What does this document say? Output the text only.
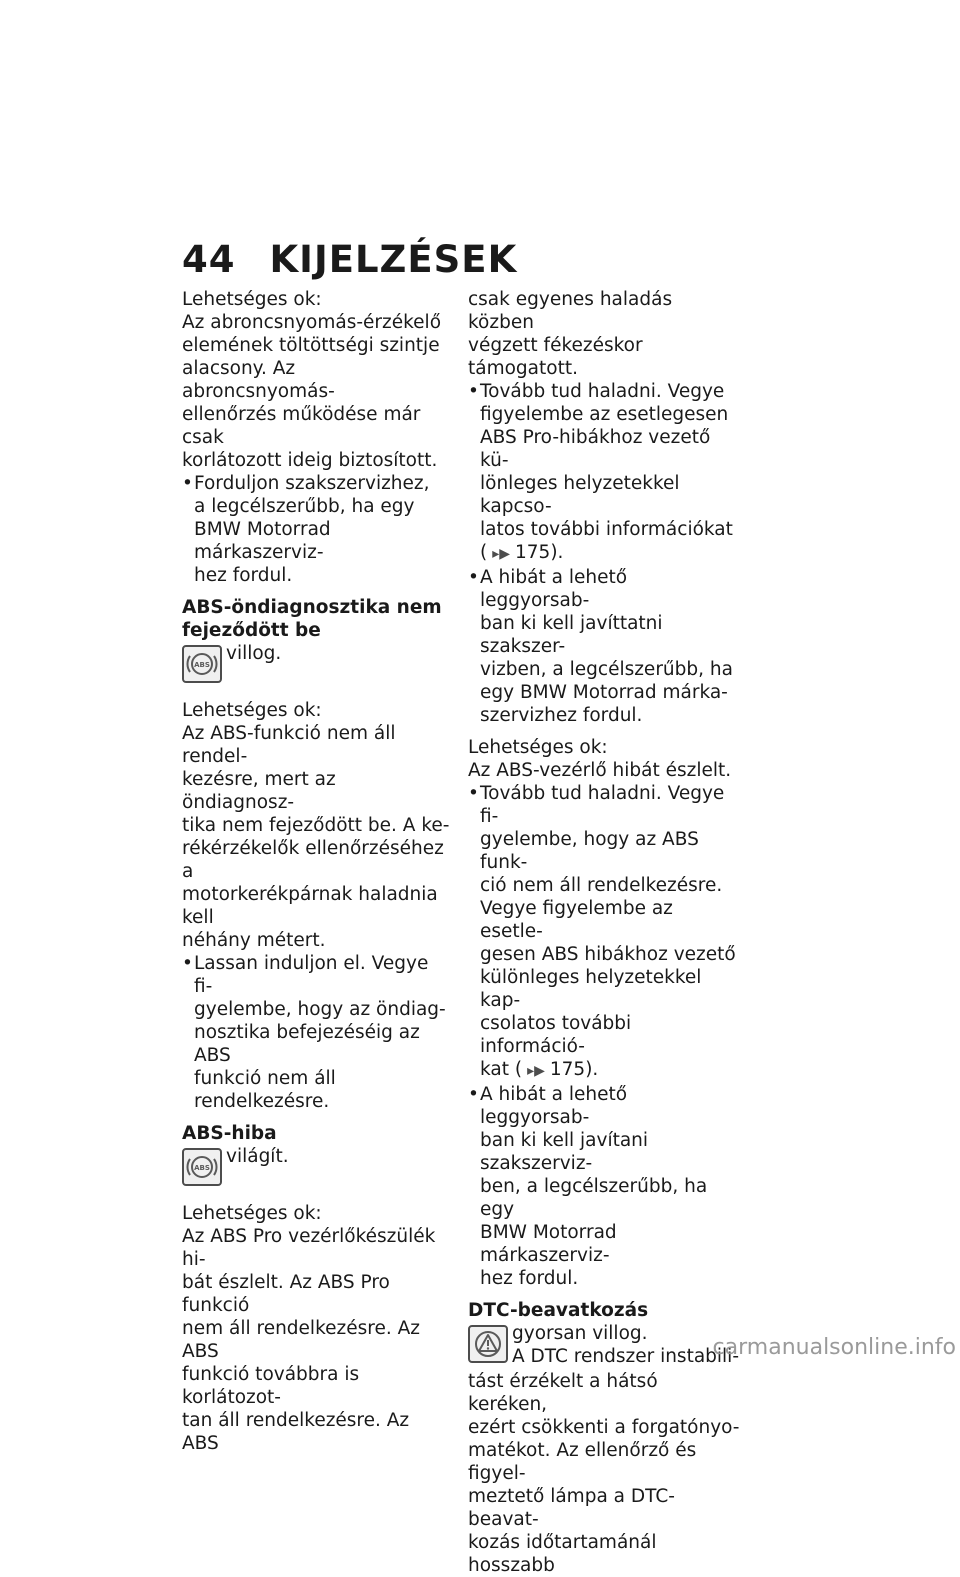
44 KIJELZÉSEK

Lehetséges ok:

Az abroncsnyomás-érzékelő

elemének töltöttségi szintje

alacsony. Az abroncsnyomás-

ellenőrzés működése már csak

korlátozott ideig biztosított.

• Forduljon szakszervizhez,
a legcélszerűbb, ha egy
BMW Motorrad márkaszerviz-
hez fordul.

ABS-öndiagnosztika nem

fejeződött be

ABS

villog.

Lehetséges ok:

Az ABS-funkció nem áll rendel-

kezésre, mert az öndiagnosz-

tika nem fejeződött be. A ke-

rékérzékelők ellenőrzéséhez a

motorkerékpárnak haladnia kell

néhány métert.

• Lassan induljon el. Vegye fi-
gyelembe, hogy az öndiag-
nosztika befejezéséig az ABS
funkció nem áll rendelkezésre.

ABS-hiba

ABS

világít.

Lehetséges ok:

Az ABS Pro vezérlőkészülék hi-

bát észlelt. Az ABS Pro funkció

nem áll rendelkezésre. Az ABS

funkció továbbra is korlátozot-

tan áll rendelkezésre. Az ABS

csak egyenes haladás közben

végzett fékezéskor támogatott.

• Tovább tud haladni. Vegye
figyelembe az esetlegesen
ABS Pro-hibákhoz vezető kü-
lönleges helyzetekkel kapcso-
latos további információkat
( ▸▶ 175).
• A hibát a lehető leggyorsab-
ban ki kell javíttatni szakszer-
vizben, a legcélszerűbb, ha
egy BMW Motorrad márka-
szervizhez fordul.

Lehetséges ok:

Az ABS-vezérlő hibát észlelt.

• Tovább tud haladni. Vegye fi-
gyelembe, hogy az ABS funk-
ció nem áll rendelkezésre.
Vegye figyelembe az esetle-
gesen ABS hibákhoz vezető
különleges helyzetekkel kap-
csolatos további információ-
kat ( ▸▶ 175).
• A hibát a lehető leggyorsab-
ban ki kell javítani szakszerviz-
ben, a legcélszerűbb, ha egy
BMW Motorrad márkaszerviz-
hez fordul.

DTC-beavatkozás

gyorsan villog.

A DTC rendszer instabili-

tást érzékelt a hátsó keréken,

ezért csökkenti a forgatónyo-

matékot. Az ellenőrző és figyel-

meztető lámpa a DTC-beavat-

kozás időtartamánál hosszabb

carmanualsonline.info
